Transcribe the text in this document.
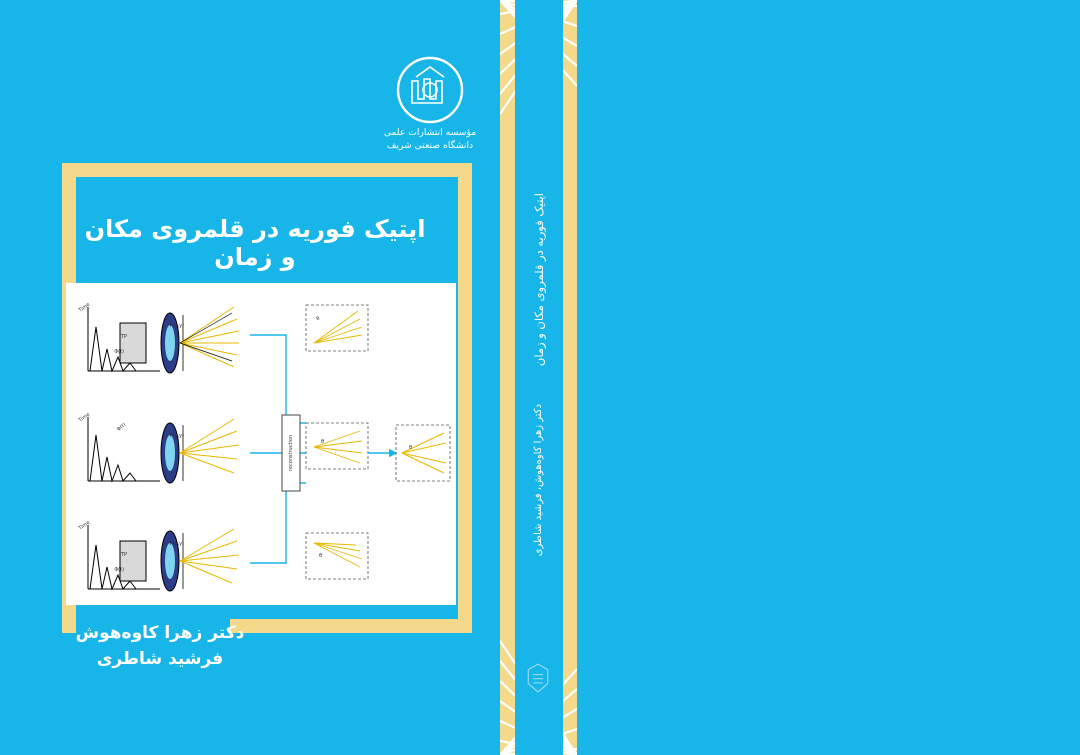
اپتیک فوریه در قلمروی مکان و زمان
دکتر زهرا کاوه‌هوش، فرشید شاطری
مؤسسه انتشارات علمی
دانشگاه صنعتی شریف
اپتیک فوریه در قلمروی مکان و زمان
Time
TP
Φ(t)
P(x,y)
θ
Time
P(x,y)
Φ(t)
θ
Time
TP
Φ(t)
P(x,y)
θ
reconstruction	θ
دکتر زهرا کاوه‌هوش
فرشید شاطری
